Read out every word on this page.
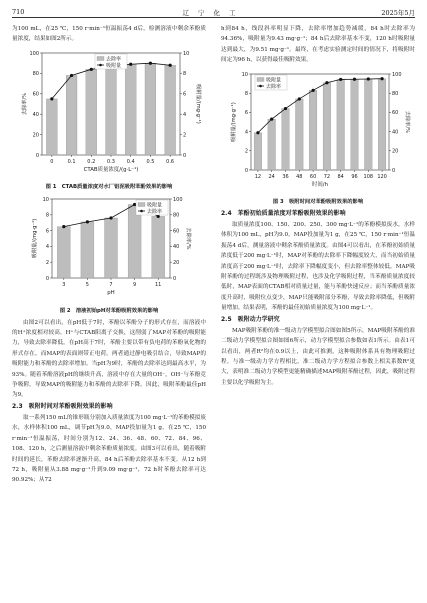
710	辽宁化工	2025年5月

为100 mL，在25 ℃，150 r·min⁻¹恒温振荡4 d后，检测溶液中剩余苯酚质量浓度，结果如图2所示。

0
20
40
60
80
100
0
2
4
6
8
10
0	0.1 0.2 0.3 0.4 0.5 0.6
CTAB质量浓度/(g·L⁻¹)
去除率/%	吸附量/(mg·g⁻¹)
去除率
吸附量
图 1　CTAB质量浓度对水厂铝泥吸附苯酚效果的影响
0
2
4
6
8
10
0
20
40
60
80
100
3	5	7	9	11
pH
吸附量/(mg·g⁻¹)	去除率/%
吸附量
去除率
图 2　溶液初始pH对苯酚吸附效果的影响

由图2可以看出，在pH低于7时，苯酚以苯酚分子的形式存在，而溶液中的H⁺浓度相对较高。H⁺与CTAB阳离子交换，这削弱了MAP对苯酚的吸附能力，导致去除率降低。在pH高于7时，苯酚主要以带有负电荷的苯酚氧化物的形式存在，而MAP的表面则带正电荷。两者通过静电吸引结合，导致MAP的吸附能力和苯酚的去除率增加。当pH为9时，苯酚的去除率达到最高水平，为93%。随着苯酚溶液pH的继续升高，溶液中存在大量的OH⁻，OH⁻与苯酚竞争吸附，导致MAP的吸附能力和苯酚的去除率下降。因此，吸附苯酚最佳pH为9。

2.3　吸附时间对苯酚吸附效果的影响

取一系列150 mL的锥形瓶分别加入质量浓度为100 mg·L⁻¹的苯酚模拟废水，水样体积100 mL，调节pH为9.0，MAP投加量为1 g，在25 ℃，150 r·min⁻¹恒温振荡，时间分别为12、24、36、48、60、72、84、96、108、120 h，之后测量溶液中剩余苯酚质量浓度。由图3可以看出，随着吸附时间的延长，苯酚去除率逐渐升高，84 h后苯酚去除率基本不变。从12 h到72 h，吸附量从3.88 mg·g⁻¹升到9.09 mg·g⁻¹，72 h时苯酚去除率可达90.92%；从72

h到84 h，线段斜率明显下降，去除率增加趋势减缓，84 h时去除率为94.36%，吸附量为9.43 mg·g⁻¹；84 h后去除率基本不变，120 h时吸附量达到最大，为9.51 mg·g⁻¹。最终，在考虑实验测定时间的情况下，将吸附时间定为96 h，以获得最佳吸附效果。

0
2
4
6
8
10
0
20
40
60
80
100
12 24 36 48 60 72 84 96 108 120
时间/h
吸附量/(mg·g⁻¹)	去除率/%
吸附量
去除率
图 3　吸附时间对苯酚吸附效果的影响
2.4　苯酚初始质量浓度对苯酚吸附效果的影响

取质量浓度100、150、200、250、300 mg·L⁻¹的苯酚模拟废水，水样体积为100 mL，pH为9.0，MAP投加量为1 g，在25 ℃，150 r·min⁻¹恒温振荡4 d后，测量溶液中剩余苯酚质量浓度。由图4可以看出，在苯酚初始质量浓度低于200 mg·L⁻¹时，MAP对苯酚的去除率下降幅度较大，而当初始质量浓度高于200 mg·L⁻¹时，去除率下降幅度变小，但去除率整体较低。MAP吸附苯酚的过程既涉及物理吸附过程，也涉及化学吸附过程，当苯酚质量浓度较低时，MAP表面的CTAB相对质量过量，能与苯酚快速反应；而当苯酚质量浓度升高时，吸附位点变少，MAP只能吸附部分苯酚，导致去除率降低，但吸附量增加。结果表明，苯酚的最佳初始质量浓度为100 mg·L⁻¹。

2.5　吸附动力学研究

MAP吸附苯酚的准一级动力学模型拟合图如图5所示，MAP吸附苯酚的准二级动力学模型拟合图如图6所示，动力学模型拟合参数如表1所示。由表1可以看出，两者R²均在0.9以上，由此可推测，这种吸附体系具有物理吸附过程。与准一级动力学方程相比，准二级动力学方程拟合参数上相关系数R²更大，表明准二级动力学模型更能精确描述MAP吸附苯酚过程，因此，吸附过程主要以化学吸附为主。
